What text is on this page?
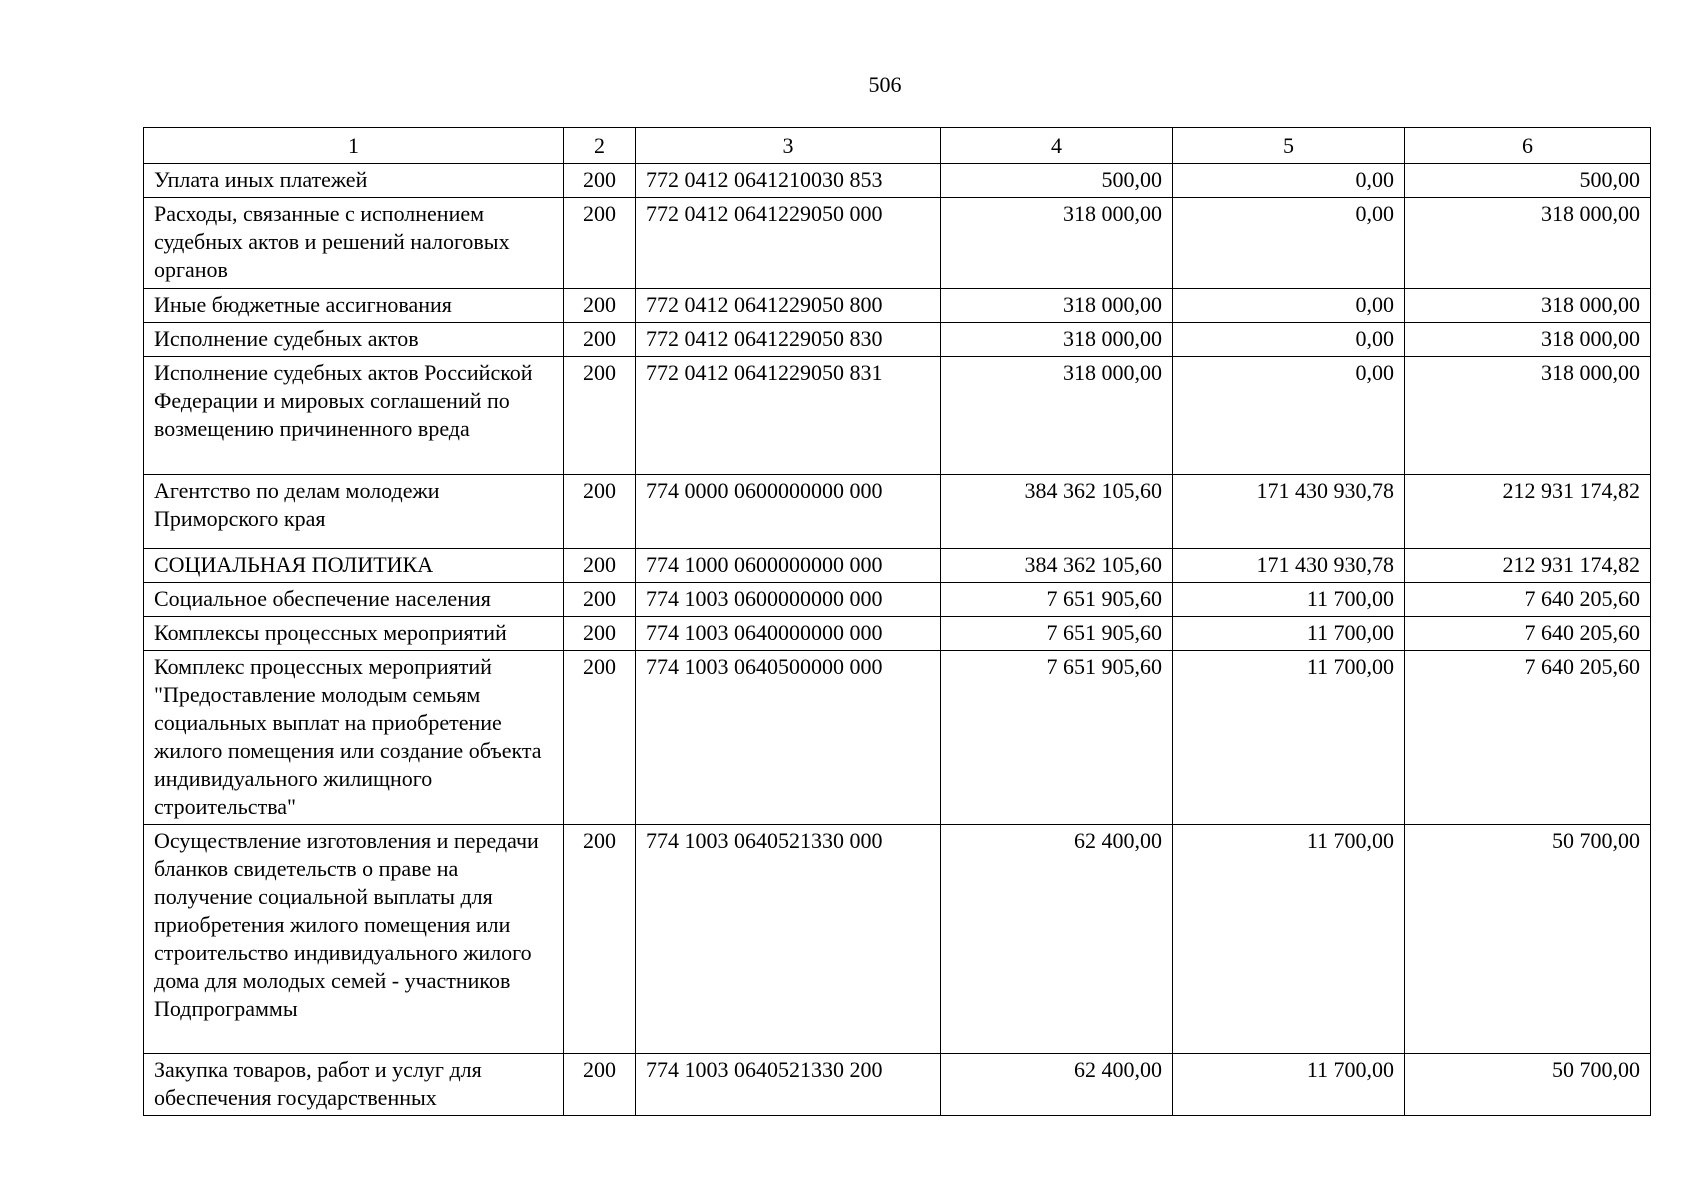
506
1	2	3	4	5	6
Уплата иных платежей	200	772 0412 0641210030 853	500,00	0,00	500,00
Расходы, связанные с исполнением судебных актов и решений налоговых органов	200	772 0412 0641229050 000	318 000,00	0,00	318 000,00
Иные бюджетные ассигнования	200	772 0412 0641229050 800	318 000,00	0,00	318 000,00
Исполнение судебных актов	200	772 0412 0641229050 830	318 000,00	0,00	318 000,00
Исполнение судебных актов Российской Федерации и мировых соглашений по возмещению причиненного вреда	200	772 0412 0641229050 831	318 000,00	0,00	318 000,00
Агентство по делам молодежи Приморского края	200	774 0000 0600000000 000	384 362 105,60	171 430 930,78	212 931 174,82
СОЦИАЛЬНАЯ ПОЛИТИКА	200	774 1000 0600000000 000	384 362 105,60	171 430 930,78	212 931 174,82
Социальное обеспечение населения	200	774 1003 0600000000 000	7 651 905,60	11 700,00	7 640 205,60
Комплексы процессных мероприятий	200	774 1003 0640000000 000	7 651 905,60	11 700,00	7 640 205,60
Комплекс процессных мероприятий "Предоставление молодым семьям социальных выплат на приобретение жилого помещения или создание объекта индивидуального жилищного строительства"	200	774 1003 0640500000 000	7 651 905,60	11 700,00	7 640 205,60
Осуществление изготовления и передачи бланков свидетельств о праве на получение социальной выплаты для приобретения жилого помещения или строительство индивидуального жилого дома для молодых семей - участников Подпрограммы	200	774 1003 0640521330 000	62 400,00	11 700,00	50 700,00
Закупка товаров, работ и услуг для обеспечения государственных	200	774 1003 0640521330 200	62 400,00	11 700,00	50 700,00
